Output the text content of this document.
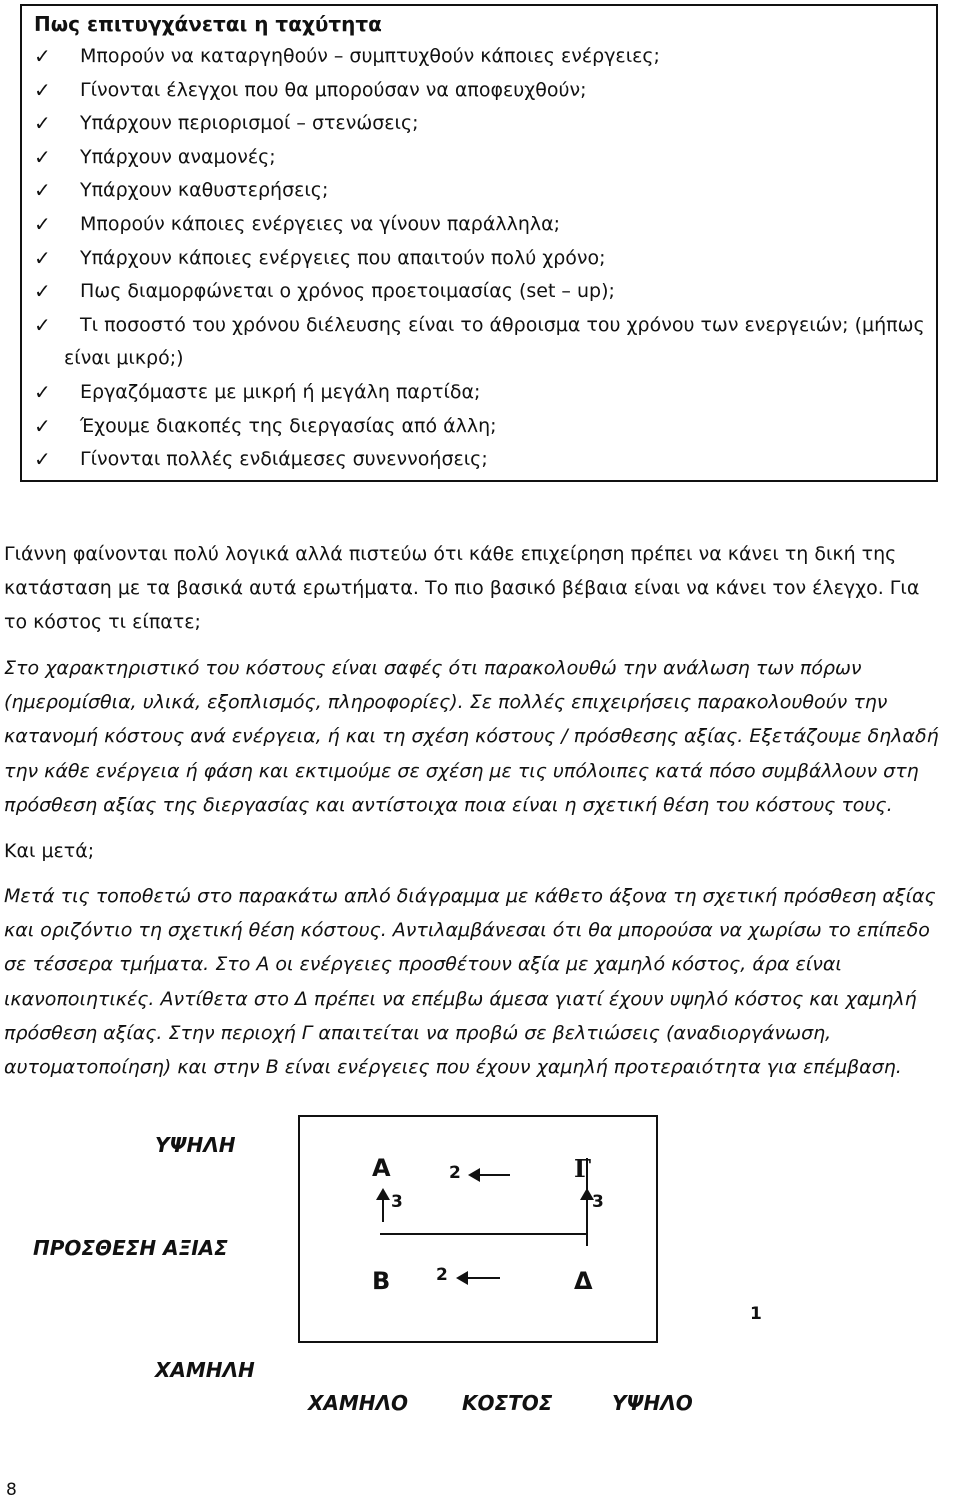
Πως επιτυγχάνεται η ταχύτητα
✓ Μπορούν να καταργηθούν – συμπτυχθούν κάποιες ενέργειες;
✓ Γίνονται έλεγχοι που θα μπορούσαν να αποφευχθούν;
✓ Υπάρχουν περιορισμοί – στενώσεις;
✓ Υπάρχουν αναμονές;
✓ Υπάρχουν καθυστερήσεις;
✓ Μπορούν κάποιες ενέργειες να γίνουν παράλληλα;
✓ Υπάρχουν κάποιες ενέργειες που απαιτούν πολύ χρόνο;
✓ Πως διαμορφώνεται ο χρόνος προετοιμασίας (set – up);
✓ Τι ποσοστό του χρόνου διέλευσης είναι το άθροισμα του χρόνου των ενεργειών; (μήπως
είναι μικρό;)
✓ Εργαζόμαστε με μικρή ή μεγάλη παρτίδα;
✓ Έχουμε διακοπές της διεργασίας από άλλη;
✓ Γίνονται πολλές ενδιάμεσες συνεννοήσεις;

Γιάννη φαίνονται πολύ λογικά αλλά πιστεύω ότι κάθε επιχείρηση πρέπει να κάνει τη δική της κατάσταση με τα βασικά αυτά ερωτήματα. Το πιο βασικό βέβαια είναι να κάνει τον έλεγχο. Για το κόστος τι είπατε;

Στο χαρακτηριστικό του κόστους είναι σαφές ότι παρακολουθώ την ανάλωση των πόρων (ημερομίσθια, υλικά, εξοπλισμός, πληροφορίες). Σε πολλές επιχειρήσεις παρακολουθούν την κατανομή κόστους ανά ενέργεια, ή και τη σχέση κόστους / πρόσθεσης αξίας. Εξετάζουμε δηλαδή την κάθε ενέργεια ή φάση και εκτιμούμε σε σχέση με τις υπόλοιπες κατά πόσο συμβάλλουν στη πρόσθεση αξίας της διεργασίας και αντίστοιχα ποια είναι η σχετική θέση του κόστους τους.

Και μετά;

Μετά τις τοποθετώ στο παρακάτω απλό διάγραμμα με κάθετο άξονα τη σχετική πρόσθεση αξίας και οριζόντιο τη σχετική θέση κόστους. Αντιλαμβάνεσαι ότι θα μπορούσα να χωρίσω το επίπεδο σε τέσσερα τμήματα. Στο Α οι ενέργειες προσθέτουν αξία με χαμηλό κόστος, άρα είναι ικανοποιητικές. Αντίθετα στο Δ πρέπει να επέμβω άμεσα γιατί έχουν υψηλό κόστος και χαμηλή πρόσθεση αξίας. Στην περιοχή Γ απαιτείται να προβώ σε βελτιώσεις (αναδιοργάνωση, αυτοματοποίηση) και στην Β είναι ενέργειες που έχουν χαμηλή προτεραιότητα για επέμβαση.

ΥΨΗΛΗ
ΠΡΟΣΘΕΣΗ ΑΞΙΑΣ
ΧΑΜΗΛΗ
ΧΑΜΗΛΟ	ΚΟΣΤΟΣ	ΥΨΗΛΟ
Α	Γ
Β	Δ
3
2
3
2
1
8
